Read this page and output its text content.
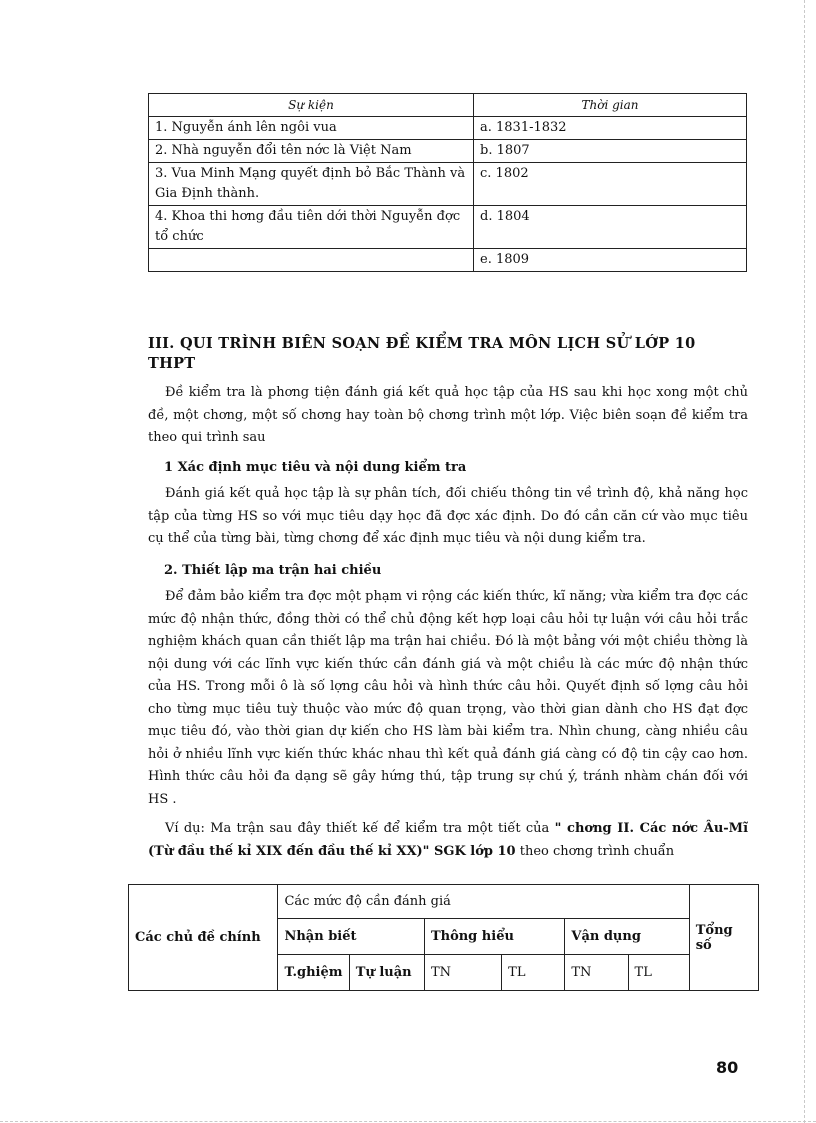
Sự kiện	Thời gian
1. Nguyễn ánh lên ngôi vua	a. 1831-1832
2. Nhà nguyễn đổi tên nớc là Việt Nam	b. 1807
3. Vua Minh Mạng quyết định bỏ Bắc Thành và Gia Định thành.	c. 1802
4. Khoa thi hơng đầu tiên dới thời Nguyễn đợc tổ chức	d. 1804
	e. 1809
III. QUI TRÌNH BIÊN SOẠN ĐỀ KIỂM TRA MÔN LỊCH SỬ LỚP 10 THPT

Đề kiểm tra là phơng tiện đánh giá kết quả học tập của HS sau khi học xong một chủ đề, một chơng, một số chơng hay toàn bộ chơng trình một lớp. Việc biên soạn đề kiểm tra theo qui trình sau

1 Xác định mục tiêu và nội dung kiểm tra

Đánh giá kết quả học tập là sự phân tích, đối chiếu thông tin về trình độ, khả năng học tập của từng HS so với mục tiêu dạy học đã đợc xác định. Do đó cần căn cứ vào mục tiêu cụ thể của từng bài, từng chơng để xác định mục tiêu và nội dung kiểm tra.

2. Thiết lập ma trận hai chiều

Để đảm bảo kiểm tra đợc một phạm vi rộng các kiến thức, kĩ năng; vừa kiểm tra đợc các mức độ nhận thức, đồng thời có thể chủ động kết hợp loại câu hỏi tự luận với câu hỏi trắc nghiệm khách quan cần thiết lập ma trận hai chiều. Đó là một bảng với một chiều thờng là nội dung với các lĩnh vực kiến thức cần đánh giá và một chiều là các mức độ nhận thức của HS. Trong mỗi ô là số lợng câu hỏi và hình thức câu hỏi. Quyết định số lợng câu hỏi cho từng mục tiêu tuỳ thuộc vào mức độ quan trọng, vào thời gian dành cho HS đạt đợc mục tiêu đó, vào thời gian dự kiến cho HS làm bài kiểm tra. Nhìn chung, càng nhiều câu hỏi ở nhiều lĩnh vực kiến thức khác nhau thì kết quả đánh giá càng có độ tin cậy cao hơn. Hình thức câu hỏi đa dạng sẽ gây hứng thú, tập trung sự chú ý, tránh nhàm chán đối với HS .

Ví dụ: Ma trận sau đây thiết kế để kiểm tra một tiết của " chơng II. Các nớc Âu-Mĩ (Từ đầu thế kỉ XIX đến đầu thế kỉ XX)" SGK lớp 10 theo chơng trình chuẩn

Các chủ đề chính	Các mức độ cần đánh giá						Tổng số
	Nhận biết		Thông hiểu		Vận dụng		
	T.ghiệm	Tự luận	TN	TL	TN	TL	

80
